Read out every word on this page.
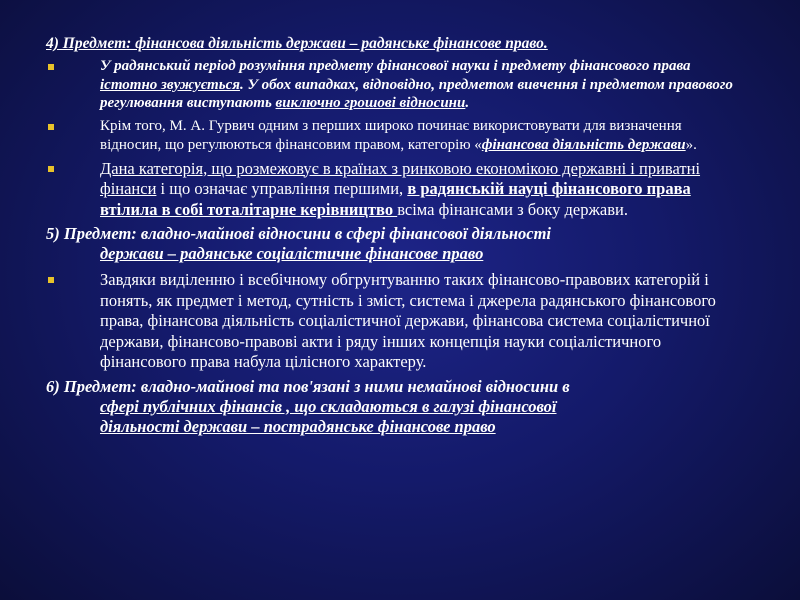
4) Предмет: фінансова діяльність держави – радянське фінансове право.

У радянський період розуміння предмету фінансової науки і предмету фінансового права істотно звужується. У обох випадках, відповідно, предметом вивчення і предметом правового регулювання виступають виключно грошові відносини.
Крім того, М. А. Гурвич одним з перших широко починає використовувати для визначення відносин, що регулюються фінансовим правом, категорію «фінансова діяльність держави».
Дана категорія, що розмежовує в країнах з ринковою економікою державні і приватні фінанси і що означає управління першими, в радянській науці фінансового права втілила в собі тоталітарне керівництво всіма фінансами з боку держави.

5) Предмет: владно-майнові відносини в сфері фінансової діяльності
держави – радянське соціалістичне фінансове право

Завдяки виділенню і всебічному обгрунтуванню таких фінансово-правових категорій і понять, як предмет і метод, сутність і зміст, система і джерела радянського фінансового права, фінансова діяльність соціалістичної держави, фінансова система соціалістичної держави, фінансово-правові акти і ряду інших концепція науки соціалістичного фінансового права набула цілісного характеру.

6) Предмет: владно-майнові та пов'язані з ними немайнові відносини в
сфері публічних фінансів , що складаються в галузі фінансової
діяльності держави – пострадянське фінансове право
